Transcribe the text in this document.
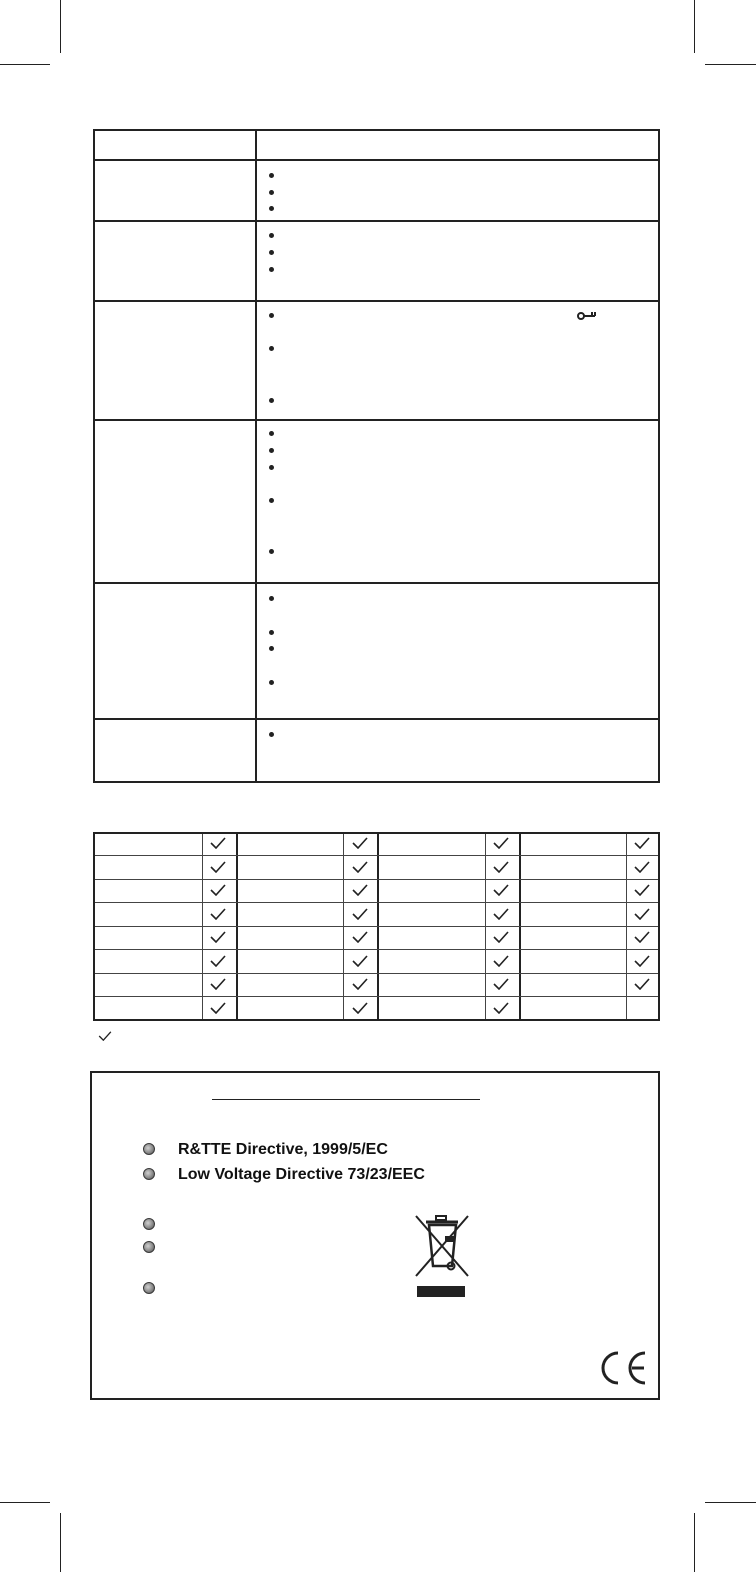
R&TTE Directive, 1999/5/EC
Low Voltage Directive 73/23/EEC
